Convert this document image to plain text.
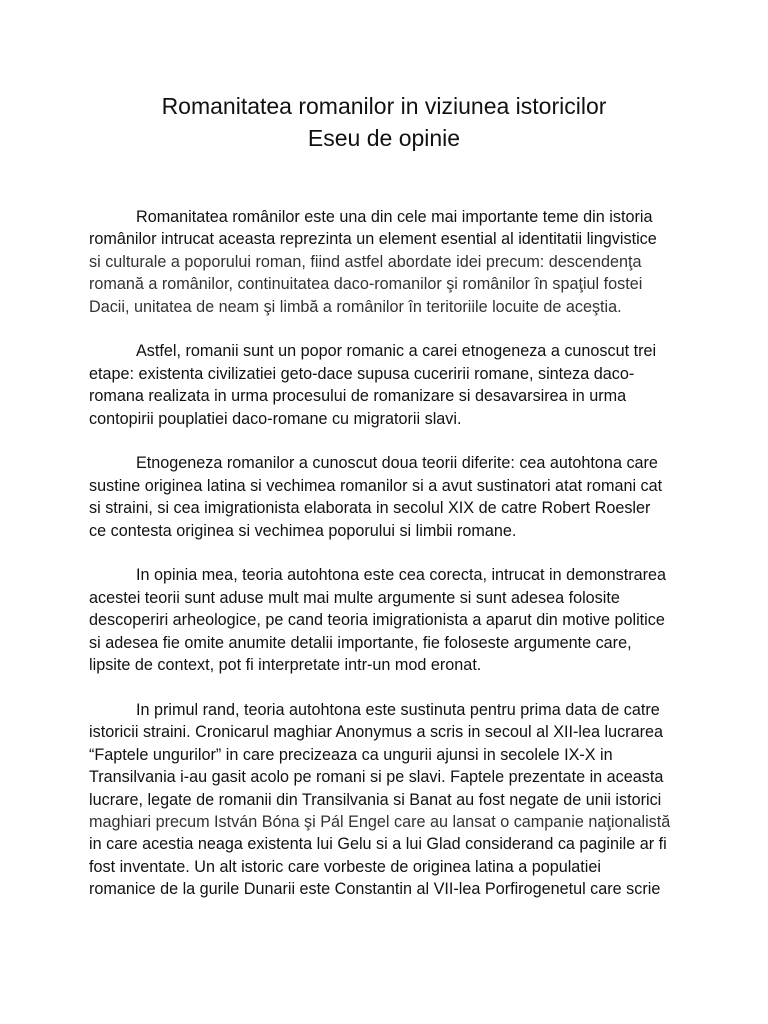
Romanitatea romanilor in viziunea istoricilor
Eseu de opinie

Romanitatea românilor este una din cele mai importante teme din istoria
românilor intrucat aceasta reprezinta un element esential al identitatii lingvistice
si culturale a poporului roman, fiind astfel abordate idei precum: descendenţa
romană a românilor, continuitatea daco-romanilor şi românilor în spaţiul fostei
Dacii, unitatea de neam şi limbă a românilor în teritoriile locuite de aceştia.

Astfel, romanii sunt un popor romanic a carei etnogeneza a cunoscut trei
etape: existenta civilizatiei geto-dace supusa cuceririi romane, sinteza daco-
romana realizata in urma procesului de romanizare si desavarsirea in urma
contopirii pouplatiei daco-romane cu migratorii slavi.

Etnogeneza romanilor a cunoscut doua teorii diferite: cea autohtona care
sustine originea latina si vechimea romanilor si a avut sustinatori atat romani cat
si straini, si cea imigrationista elaborata in secolul XIX de catre Robert Roesler
ce contesta originea si vechimea poporului si limbii romane.

In opinia mea, teoria autohtona este cea corecta, intrucat in demonstrarea
acestei teorii sunt aduse mult mai multe argumente si sunt adesea folosite
descoperiri arheologice, pe cand teoria imigrationista a aparut din motive politice
si adesea fie omite anumite detalii importante, fie foloseste argumente care,
lipsite de context, pot fi interpretate intr-un mod eronat.

In primul rand, teoria autohtona este sustinuta pentru prima data de catre
istoricii straini. Cronicarul maghiar Anonymus a scris in secoul al XII-lea lucrarea
“Faptele ungurilor” in care precizeaza ca ungurii ajunsi in secolele IX-X in
Transilvania i-au gasit acolo pe romani si pe slavi. Faptele prezentate in aceasta
lucrare, legate de romanii din Transilvania si Banat au fost negate de unii istorici
maghiari precum István Bóna şi Pál Engel care au lansat o campanie naţionalistă
in care acestia neaga existenta lui Gelu si a lui Glad considerand ca paginile ar fi
fost inventate. Un alt istoric care vorbeste de originea latina a populatiei
romanice de la gurile Dunarii este Constantin al VII-lea Porfirogenetul care scrie
